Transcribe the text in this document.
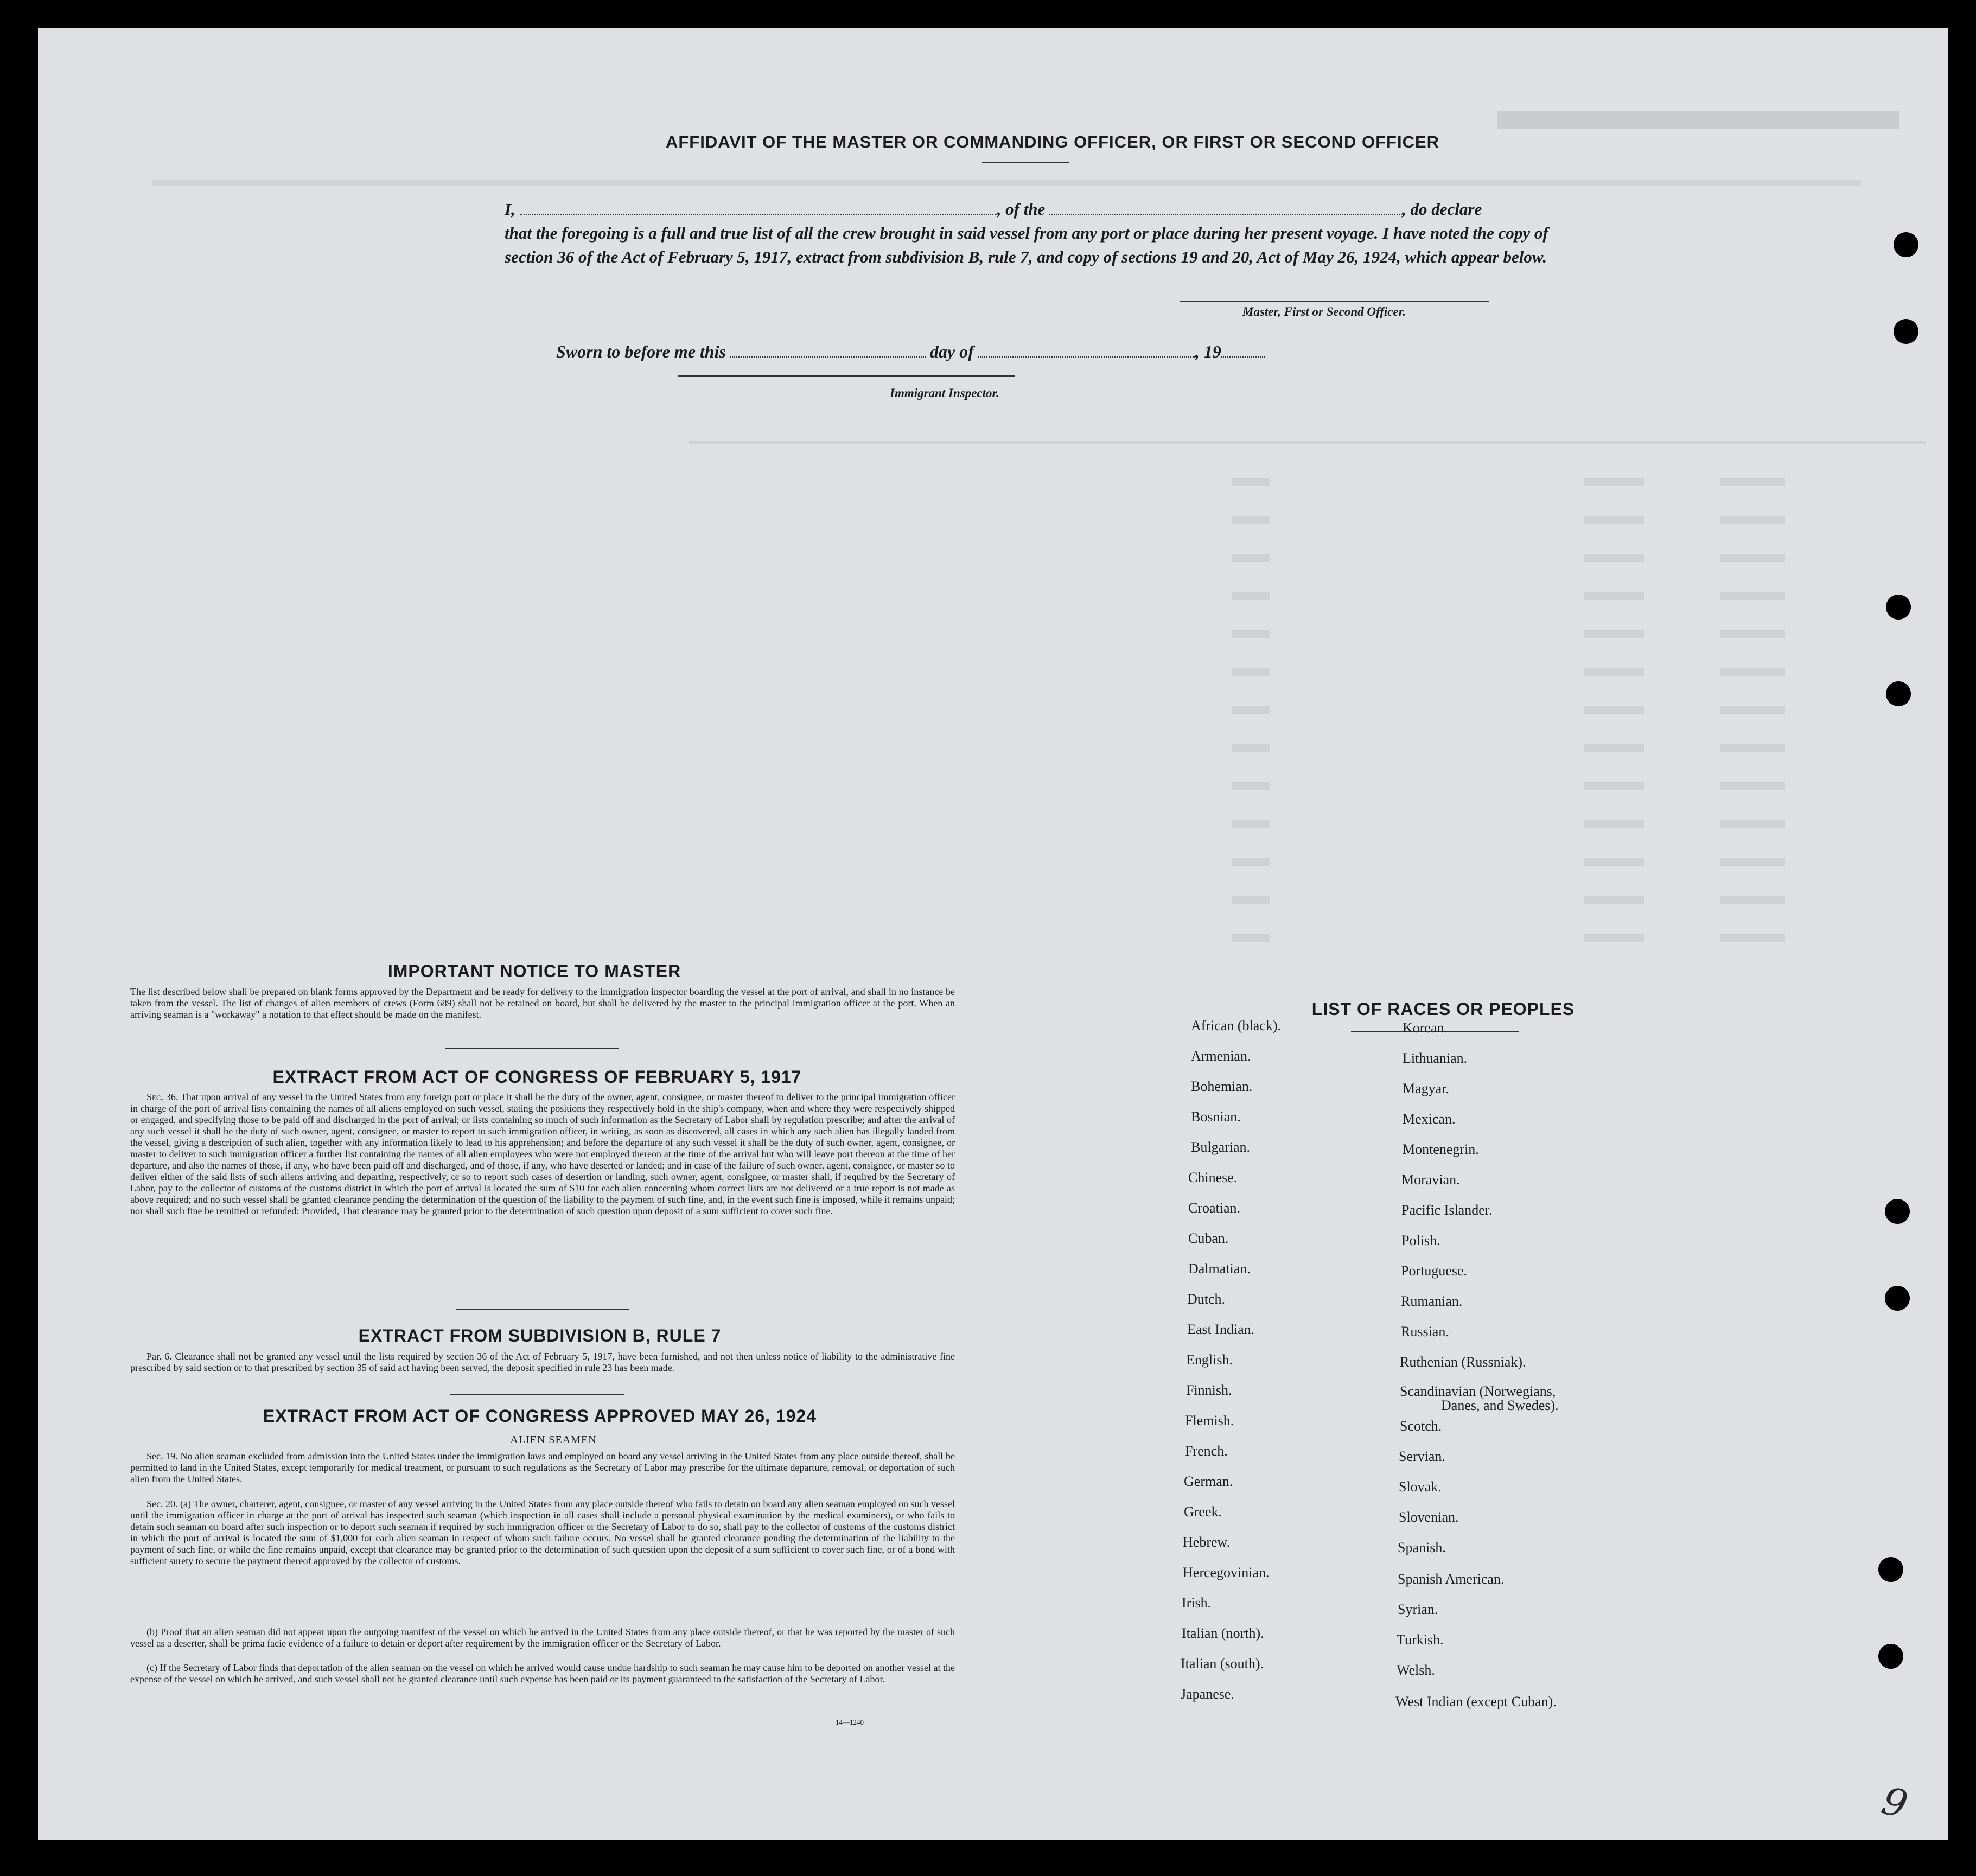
AFFIDAVIT OF THE MASTER OR COMMANDING OFFICER, OR FIRST OR SECOND OFFICER
I,	, of the	, do declare
that the foregoing is a full and true list of all the crew brought in said vessel from any port or place during her present voyage. I have noted the copy of section 36 of the Act of February 5, 1917, extract from subdivision B, rule 7, and copy of sections 19 and 20, Act of May 26, 1924, which appear below.
Master, First or Second Officer.
Sworn to before me this	day of	, 19
Immigrant Inspector.
IMPORTANT NOTICE TO MASTER
The list described below shall be prepared on blank forms approved by the Department and be ready for delivery to the immigration inspector boarding the vessel at the port of arrival, and shall in no instance be taken from the vessel. The list of changes of alien members of crews (Form 689) shall not be retained on board, but shall be delivered by the master to the principal immigration officer at the port. When an arriving seaman is a "workaway" a notation to that effect should be made on the manifest.
EXTRACT FROM ACT OF CONGRESS OF FEBRUARY 5, 1917
Sec. 36. That upon arrival of any vessel in the United States from any foreign port or place it shall be the duty of the owner, agent, consignee, or master thereof to deliver to the principal immigration officer in charge of the port of arrival lists containing the names of all aliens employed on such vessel, stating the positions they respectively hold in the ship's company, when and where they were respectively shipped or engaged, and specifying those to be paid off and discharged in the port of arrival; or lists containing so much of such information as the Secretary of Labor shall by regulation prescribe; and after the arrival of any such vessel it shall be the duty of such owner, agent, consignee, or master to report to such immigration officer, in writing, as soon as discovered, all cases in which any such alien has illegally landed from the vessel, giving a description of such alien, together with any information likely to lead to his apprehension; and before the departure of any such vessel it shall be the duty of such owner, agent, consignee, or master to deliver to such immigration officer a further list containing the names of all alien employees who were not employed thereon at the time of the arrival but who will leave port thereon at the time of her departure, and also the names of those, if any, who have been paid off and discharged, and of those, if any, who have deserted or landed; and in case of the failure of such owner, agent, consignee, or master so to deliver either of the said lists of such aliens arriving and departing, respectively, or so to report such cases of desertion or landing, such owner, agent, consignee, or master shall, if required by the Secretary of Labor, pay to the collector of customs of the customs district in which the port of arrival is located the sum of $10 for each alien concerning whom correct lists are not delivered or a true report is not made as above required; and no such vessel shall be granted clearance pending the determination of the question of the liability to the payment of such fine, and, in the event such fine is imposed, while it remains unpaid; nor shall such fine be remitted or refunded: Provided, That clearance may be granted prior to the determination of such question upon deposit of a sum sufficient to cover such fine.
EXTRACT FROM SUBDIVISION B, RULE 7
Par. 6. Clearance shall not be granted any vessel until the lists required by section 36 of the Act of February 5, 1917, have been furnished, and not then unless notice of liability to the administrative fine prescribed by said section or to that prescribed by section 35 of said act having been served, the deposit specified in rule 23 has been made.
EXTRACT FROM ACT OF CONGRESS APPROVED MAY 26, 1924
ALIEN SEAMEN
Sec. 19. No alien seaman excluded from admission into the United States under the immigration laws and employed on board any vessel arriving in the United States from any place outside thereof, shall be permitted to land in the United States, except temporarily for medical treatment, or pursuant to such regulations as the Secretary of Labor may prescribe for the ultimate departure, removal, or deportation of such alien from the United States.
Sec. 20. (a) The owner, charterer, agent, consignee, or master of any vessel arriving in the United States from any place outside thereof who fails to detain on board any alien seaman employed on such vessel until the immigration officer in charge at the port of arrival has inspected such seaman (which inspection in all cases shall include a personal physical examination by the medical examiners), or who fails to detain such seaman on board after such inspection or to deport such seaman if required by such immigration officer or the Secretary of Labor to do so, shall pay to the collector of customs of the customs district in which the port of arrival is located the sum of $1,000 for each alien seaman in respect of whom such failure occurs. No vessel shall be granted clearance pending the determination of the liability to the payment of such fine, or while the fine remains unpaid, except that clearance may be granted prior to the determination of such question upon the deposit of a sum sufficient to cover such fine, or of a bond with sufficient surety to secure the payment thereof approved by the collector of customs.
(b) Proof that an alien seaman did not appear upon the outgoing manifest of the vessel on which he arrived in the United States from any place outside thereof, or that he was reported by the master of such vessel as a deserter, shall be prima facie evidence of a failure to detain or deport after requirement by the immigration officer or the Secretary of Labor.
(c) If the Secretary of Labor finds that deportation of the alien seaman on the vessel on which he arrived would cause undue hardship to such seaman he may cause him to be deported on another vessel at the expense of the vessel on which he arrived, and such vessel shall not be granted clearance until such expense has been paid or its payment guaranteed to the satisfaction of the Secretary of Labor.
14—1240
LIST OF RACES OR PEOPLES
African (black).
Armenian.
Bohemian.
Bosnian.
Bulgarian.
Chinese.
Croatian.
Cuban.
Dalmatian.
Dutch.
East Indian.
English.
Finnish.
Flemish.
French.
German.
Greek.
Hebrew.
Hercegovinian.
Irish.
Italian (north).
Italian (south).
Japanese.
Korean.
Lithuanian.
Magyar.
Mexican.
Montenegrin.
Moravian.
Pacific Islander.
Polish.
Portuguese.
Rumanian.
Russian.
Ruthenian (Russniak).
Scandinavian (Norwegians,
Danes, and Swedes).
Scotch.
Servian.
Slovak.
Slovenian.
Spanish.
Spanish American.
Syrian.
Turkish.
Welsh.
West Indian (except Cuban).
9
